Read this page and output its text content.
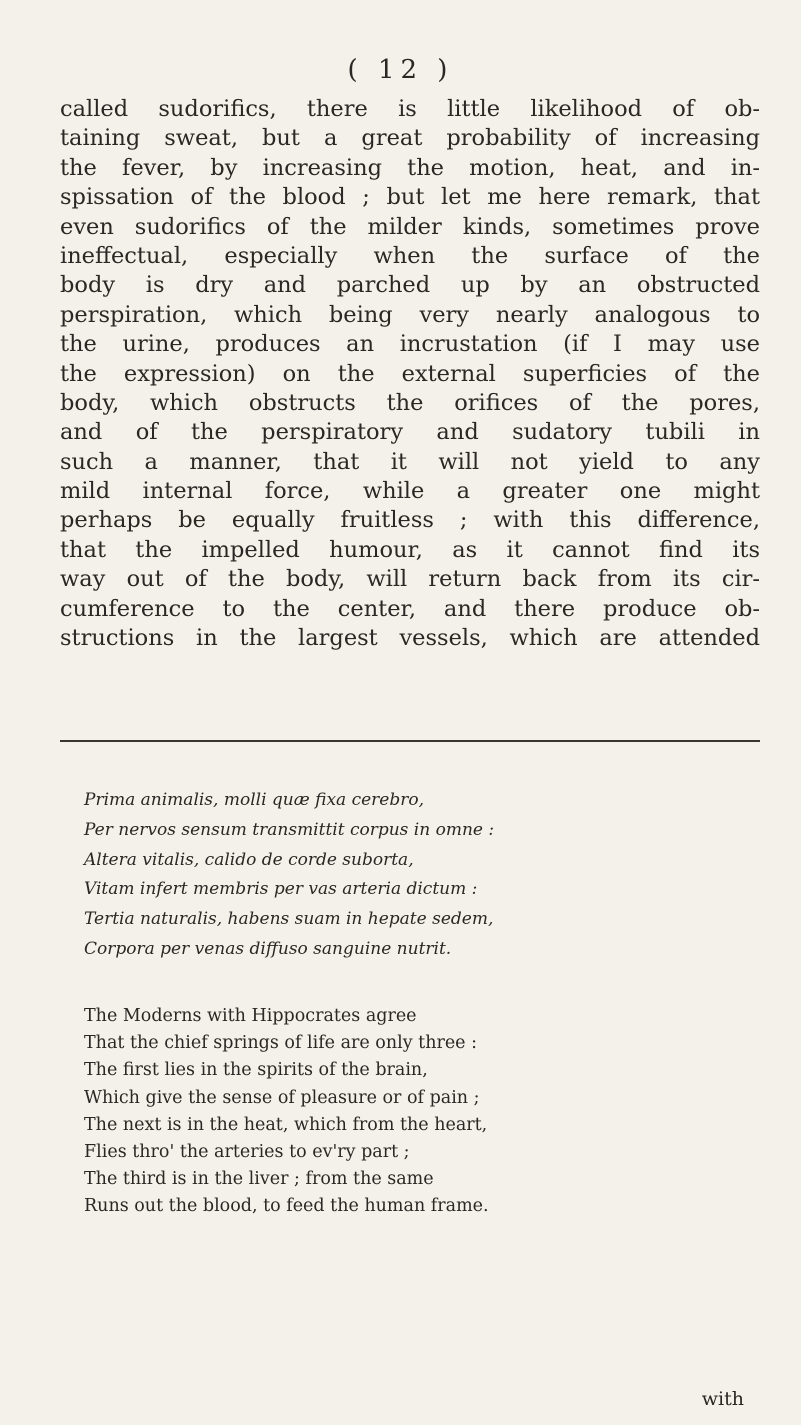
( 12 )
called sudorifics, there is little likelihood of ob-
taining sweat, but a great probability of increasing
the fever, by increasing the motion, heat, and in-
spissation of the blood ; but let me here remark, that
even sudorifics of the milder kinds, sometimes prove
ineffectual, especially when the surface of the
body is dry and parched up by an obstructed
perspiration, which being very nearly analogous to
the urine, produces an incrustation (if I may use
the expression) on the external superficies of the
body, which obstructs the orifices of the pores,
and of the perspiratory and sudatory tubili in
such a manner, that it will not yield to any
mild internal force, while a greater one might
perhaps be equally fruitless ; with this difference,
that the impelled humour, as it cannot find its
way out of the body, will return back from its cir-
cumference to the center, and there produce ob-
structions in the largest vessels, which are attended
Prima animalis, molli quæ fixa cerebro,
Per nervos sensum transmittit corpus in omne :
Altera vitalis, calido de corde suborta,
Vitam infert membris per vas arteria dictum :
Tertia naturalis, habens suam in hepate sedem,
Corpora per venas diffuso sanguine nutrit.
The Moderns with Hippocrates agree
That the chief springs of life are only three :
The first lies in the spirits of the brain,
Which give the sense of pleasure or of pain ;
The next is in the heat, which from the heart,
Flies thro' the arteries to ev'ry part ;
The third is in the liver ; from the same
Runs out the blood, to feed the human frame.
with
